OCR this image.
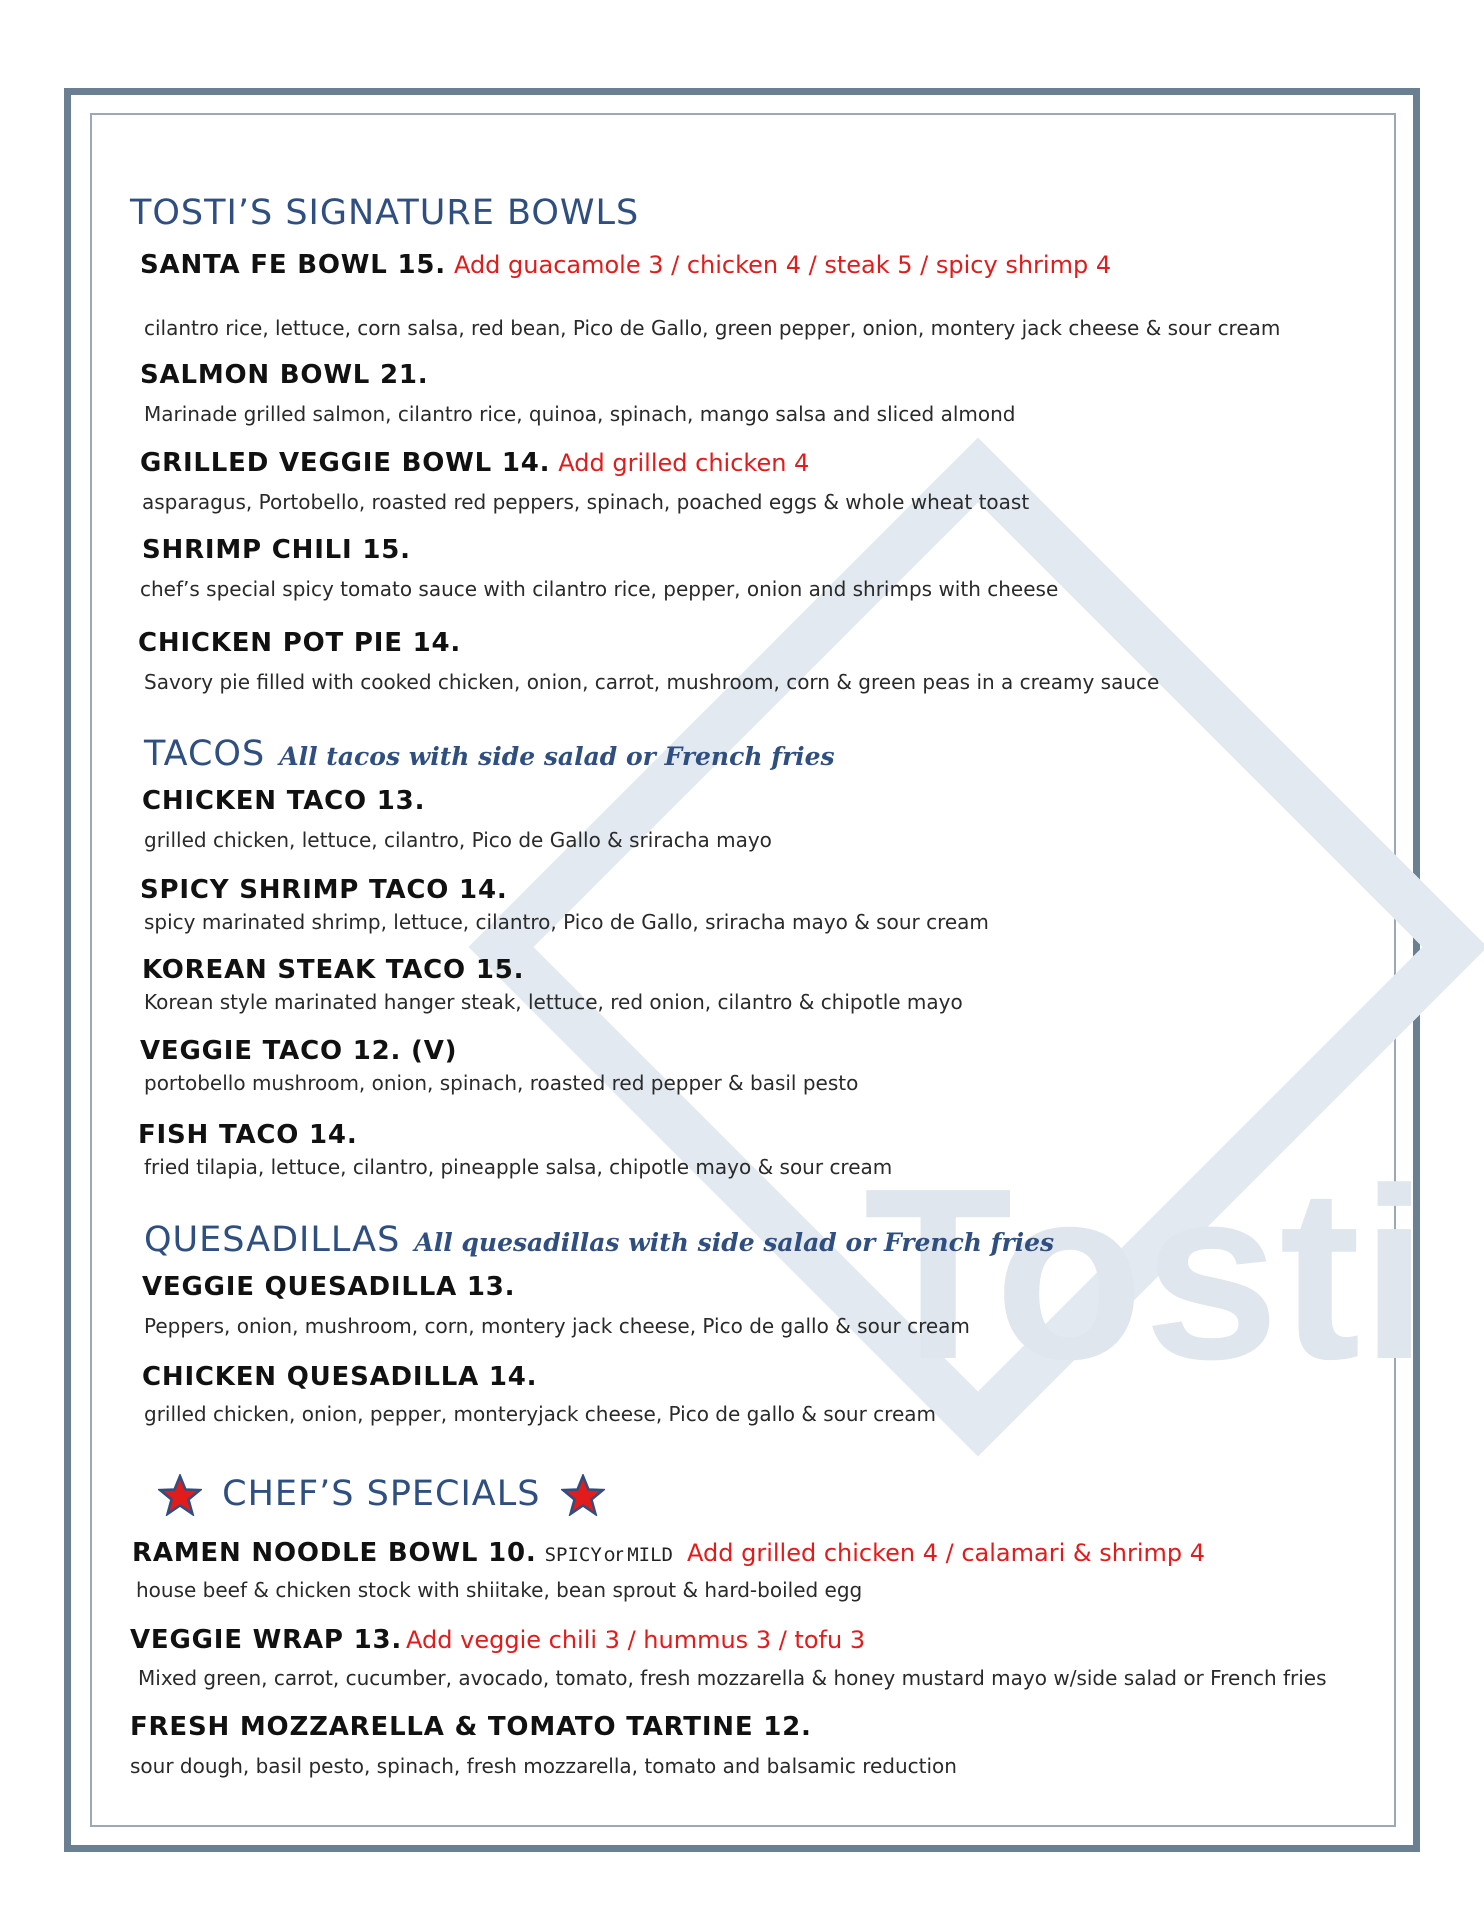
Tosti
TOSTI’S SIGNATURE BOWLS
SANTA FE BOWL 15. Add guacamole 3 / chicken 4 / steak 5 / spicy shrimp 4
cilantro rice, lettuce, corn salsa, red bean, Pico de Gallo, green pepper, onion, montery jack cheese & sour cream
SALMON BOWL 21.
Marinade grilled salmon, cilantro rice, quinoa, spinach, mango salsa and sliced almond
GRILLED VEGGIE BOWL 14. Add grilled chicken 4
asparagus, Portobello, roasted red peppers, spinach, poached eggs & whole wheat toast
SHRIMP CHILI 15.
chef’s special spicy tomato sauce with cilantro rice, pepper, onion and shrimps with cheese
CHICKEN POT PIE 14.
Savory pie filled with cooked chicken, onion, carrot, mushroom, corn & green peas in a creamy sauce
TACOS All tacos with side salad or French fries
CHICKEN TACO 13.
grilled chicken, lettuce, cilantro, Pico de Gallo & sriracha mayo
SPICY SHRIMP TACO 14.
spicy marinated shrimp, lettuce, cilantro, Pico de Gallo, sriracha mayo & sour cream
KOREAN STEAK TACO 15.
Korean style marinated hanger steak, lettuce, red onion, cilantro & chipotle mayo
VEGGIE TACO 12. (V)
portobello mushroom, onion, spinach, roasted red pepper & basil pesto
FISH TACO 14.
fried tilapia, lettuce, cilantro, pineapple salsa, chipotle mayo & sour cream
QUESADILLAS All quesadillas with side salad or French fries
VEGGIE QUESADILLA 13.
Peppers, onion, mushroom, corn, montery jack cheese, Pico de gallo & sour cream
CHICKEN QUESADILLA 14.
grilled chicken, onion, pepper, monteryjack cheese, Pico de gallo & sour cream
CHEF’S SPECIALS
RAMEN NOODLE BOWL 10. SPICY or MILD Add grilled chicken 4 / calamari & shrimp 4
house beef & chicken stock with shiitake, bean sprout & hard-boiled egg
VEGGIE WRAP 13. Add veggie chili 3 / hummus 3 / tofu 3
Mixed green, carrot, cucumber, avocado, tomato, fresh mozzarella & honey mustard mayo w/side salad or French fries
FRESH MOZZARELLA & TOMATO TARTINE 12.
sour dough, basil pesto, spinach, fresh mozzarella, tomato and balsamic reduction
